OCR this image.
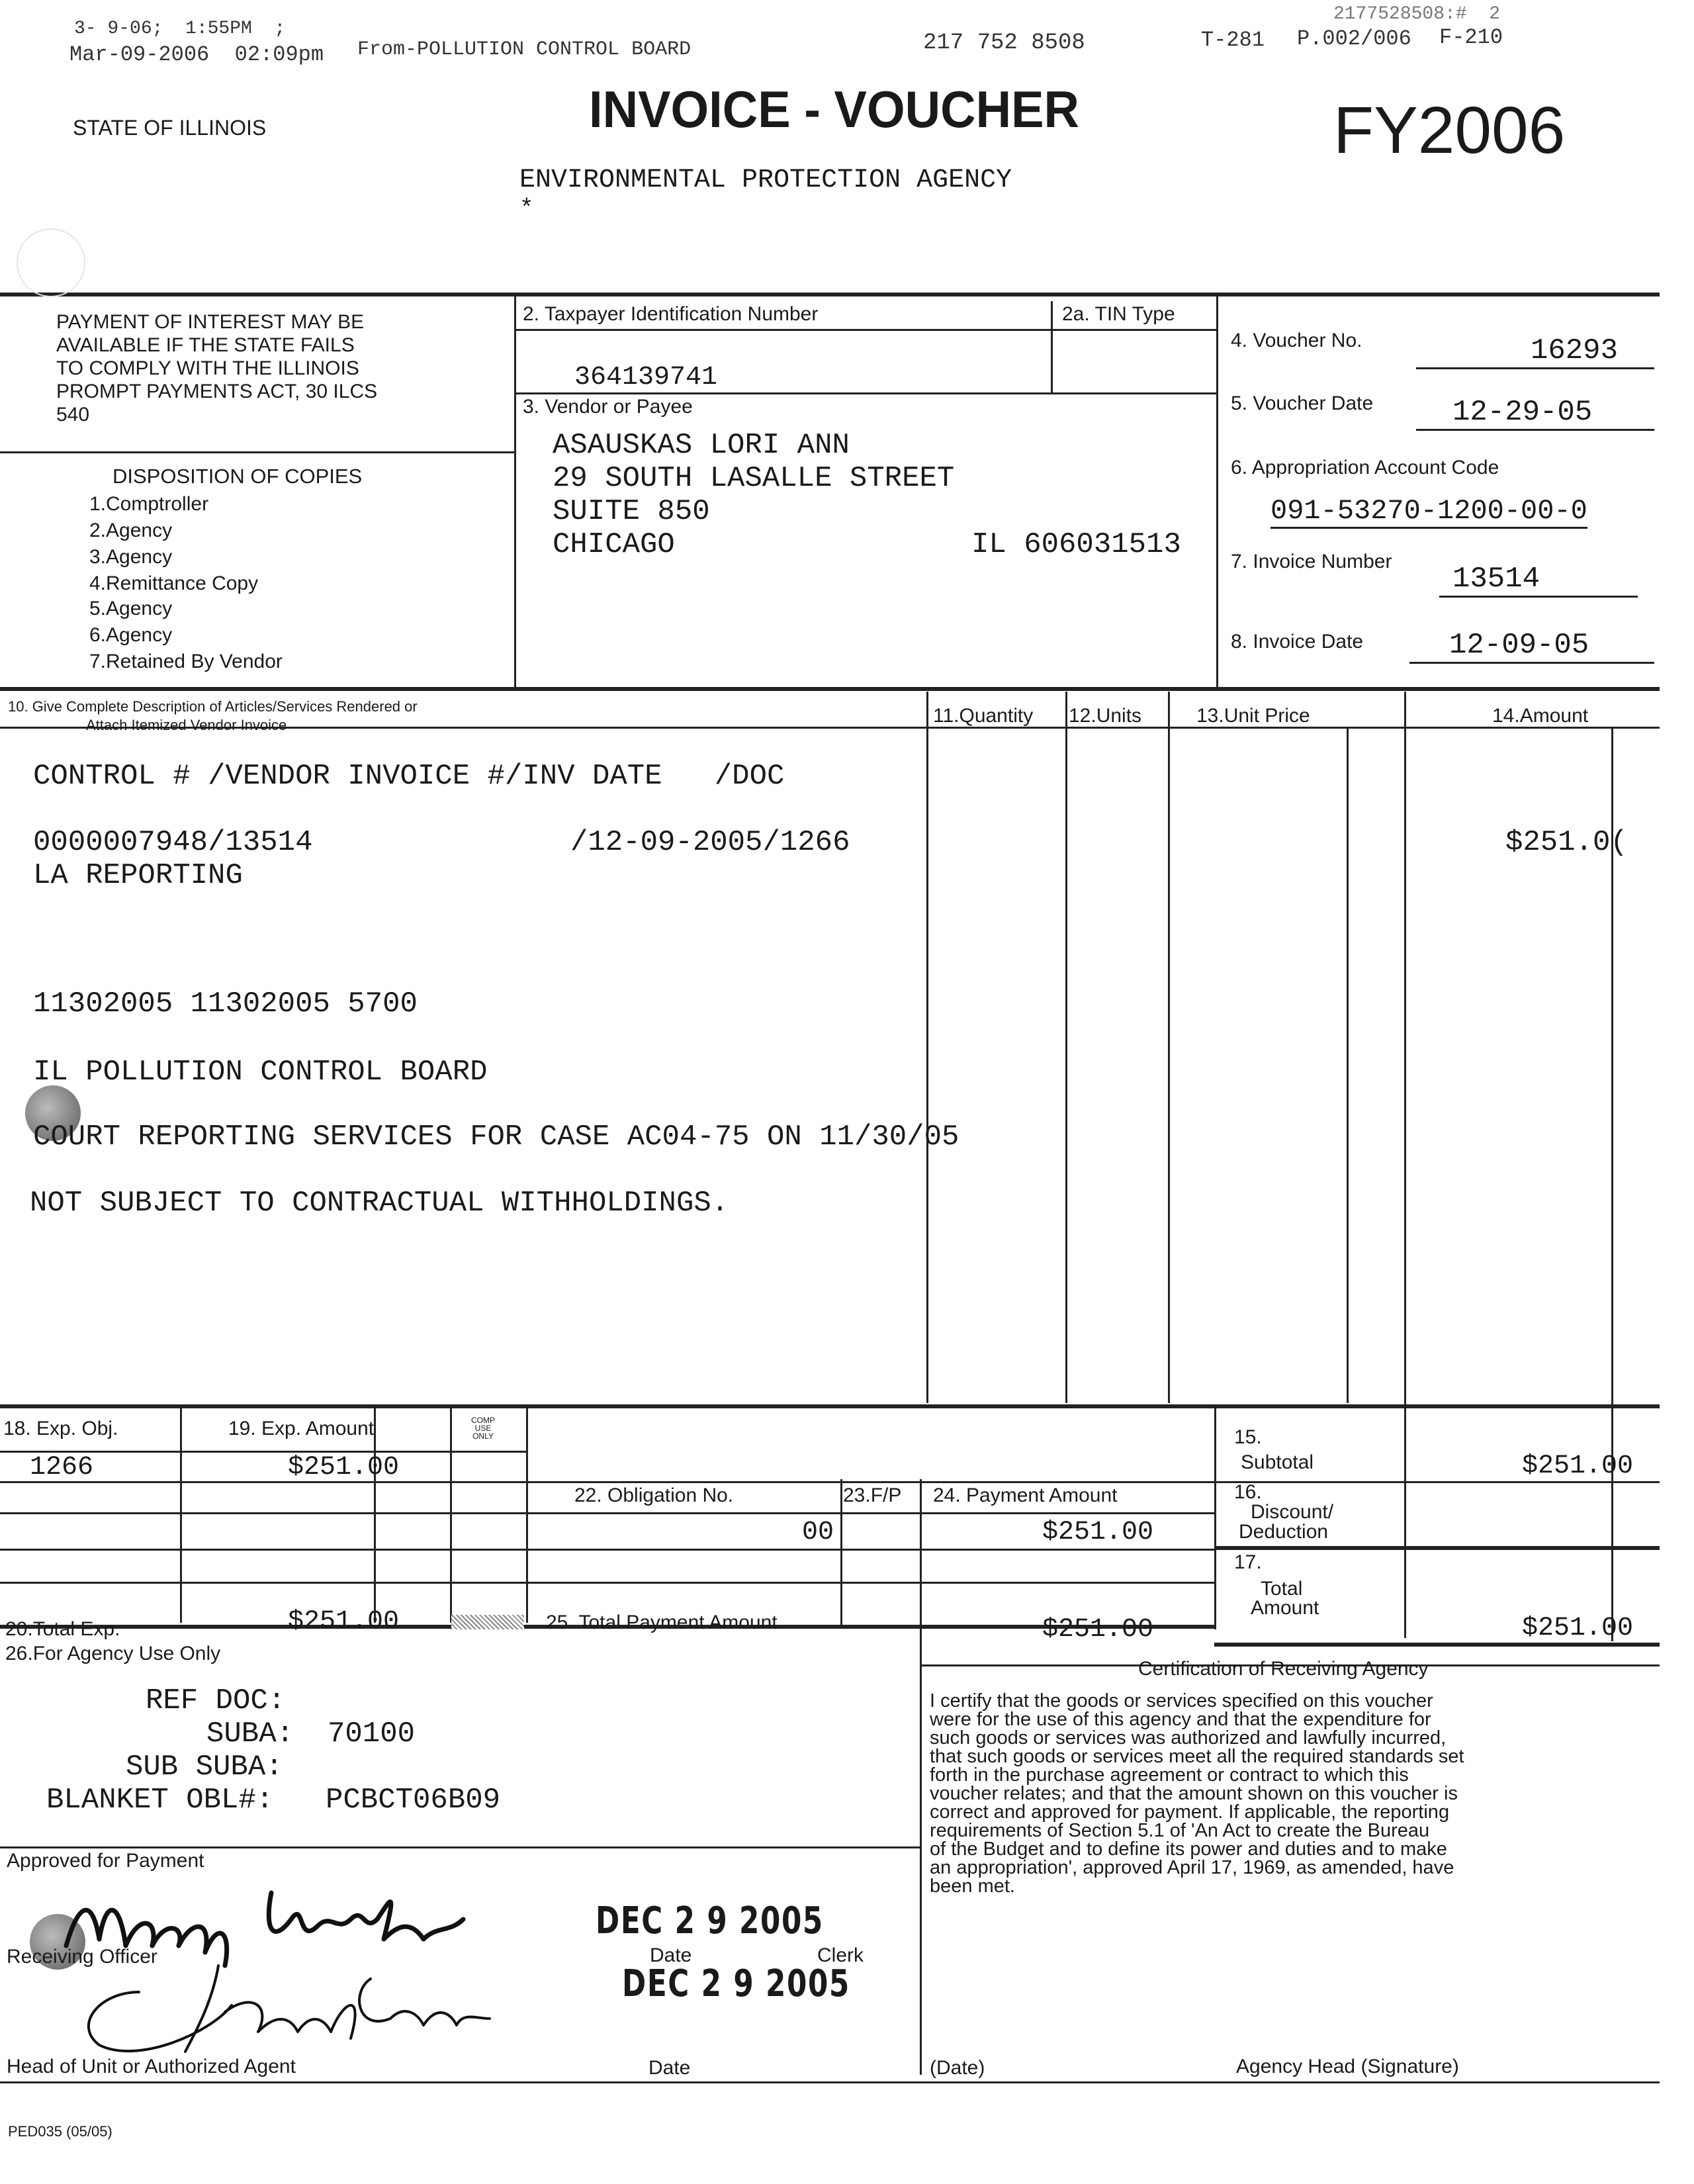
3- 9-06;  1:55PM  ;
2177528508:#  2
Mar-09-2006  02:09pm From-POLLUTION CONTROL BOARD	217 752 8508	T-281 P.002/006 F-210
STATE OF ILLINOIS	INVOICE - VOUCHER	FY2006
ENVIRONMENTAL PROTECTION AGENCY
*
PAYMENT OF INTEREST MAY BE
AVAILABLE IF THE STATE FAILS
TO COMPLY WITH THE ILLINOIS
PROMPT PAYMENTS ACT, 30 ILCS
540
DISPOSITION OF COPIES
1.Comptroller
2.Agency
3.Agency
4.Remittance Copy
5.Agency
6.Agency
7.Retained By Vendor
2. Taxpayer Identification Number	2a. TIN Type
364139741
3. Vendor or Payee
ASAUSKAS LORI ANN
29 SOUTH LASALLE STREET
SUITE 850
CHICAGO	IL 606031513
4. Voucher No.	16293
5. Voucher Date	12-29-05
6. Appropriation Account Code
091-53270-1200-00-0
7. Invoice Number
13514
8. Invoice Date	12-09-05
10. Give Complete Description of Articles/Services Rendered or
Attach Itemized Vendor Invoice	11.Quantity 12.Units	13.Unit Price	14.Amount
CONTROL # /VENDOR INVOICE #/INV DATE   /DOC
0000007948/13514	/12-09-2005/1266	$251.0(
LA REPORTING
11302005 11302005 5700
IL POLLUTION CONTROL BOARD
COURT REPORTING SERVICES FOR CASE AC04-75 ON 11/30/05
NOT SUBJECT TO CONTRACTUAL WITHHOLDINGS.
18. Exp. Obj.	19. Exp. Amount	COMP USE ONLY
1266	$251.00
22. Obligation No.	23.F/P 24. Payment Amount
00	$251.00
20.Total Exp.	$251.00	25. Total Payment Amount	$251.00
15.
Subtotal	$251.00
16.
Discount/
Deduction
17.
Total
Amount
$251.00
26.For Agency Use Only
REF DOC:
SUBA: 70100
SUB SUBA:
BLANKET OBL#: PCBCT06B09
Certification of Receiving Agency
I certify that the goods or services specified on this voucher
were for the use of this agency and that the expenditure for
such goods or services was authorized and lawfully incurred,
that such goods or services meet all the required standards set
forth in the purchase agreement or contract to which this
voucher relates; and that the amount shown on this voucher is
correct and approved for payment. If applicable, the reporting
requirements of Section 5.1 of 'An Act to create the Bureau
of the Budget and to define its power and duties and to make
an appropriation', approved April 17, 1969, as amended, have
been met.
Approved for Payment
Mary Clark
DEC 2 9 2005
Receiving Officer	Date	Clerk
DEC 2 9 2005
Head of Unit or Authorized Agent	Date	(Date)	Agency Head (Signature)
PED035 (05/05)
